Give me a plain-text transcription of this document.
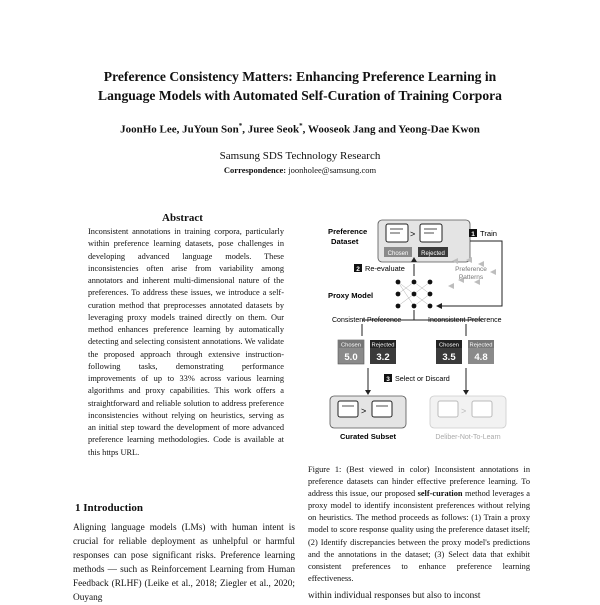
Preference Consistency Matters: Enhancing Preference Learning in
Language Models with Automated Self-Curation of Training Corpora
JoonHo Lee, JuYoun Son*, Juree Seok*, Wooseok Jang and Yeong-Dae Kwon
Samsung SDS Technology Research
Correspondence: joonholee@samsung.com
Abstract
Inconsistent annotations in training corpora, particularly within preference learning datasets, pose challenges in developing advanced language models. These inconsistencies often arise from variability among annotators and inherent multi-dimensional nature of the preferences. To address these issues, we introduce a self-curation method that preprocesses annotated datasets by leveraging proxy models trained directly on them. Our method enhances preference learning by automatically detecting and selecting consistent annotations. We validate the proposed approach through extensive instruction-following tasks, demonstrating performance improvements of up to 33% across various learning algorithms and proxy capabilities. This work offers a straightforward and reliable solution to address preference inconsistencies without relying on heuristics, serving as an initial step toward the development of more advanced preference learning methodologies. Code is available at this https URL.
1 Introduction
Aligning language models (LMs) with human intent is crucial for reliable deployment as unhelpful or harmful responses can pose significant risks. Preference learning methods — such as Reinforcement Learning from Human Feedback (RLHF) (Leike et al., 2018; Ziegler et al., 2020; Ouyang
Preference
Dataset
>
Chosen Rejected
1 Train
Preference
Patterns
2 Re-evaluate
Proxy Model
Consistent Preference	Inconsistent Preference
Chosen
5.0
Rejected
3.2
Chosen
3.5
Rejected
4.8
3 Select or Discard
>
Curated Subset
>
Deliber-Not-To-Learn
Figure 1: (Best viewed in color) Inconsistent annotations in preference datasets can hinder effective preference learning. To address this issue, our proposed self-curation method leverages a proxy model to identify inconsistent preferences without relying on heuristics. The method proceeds as follows: (1) Train a proxy model to score response quality using the preference dataset itself; (2) Identify discrepancies between the proxy model's predictions and the annotations in the dataset; (3) Select data that exhibit consistent preferences to enhance preference learning effectiveness.
within individual responses but also to inconst
